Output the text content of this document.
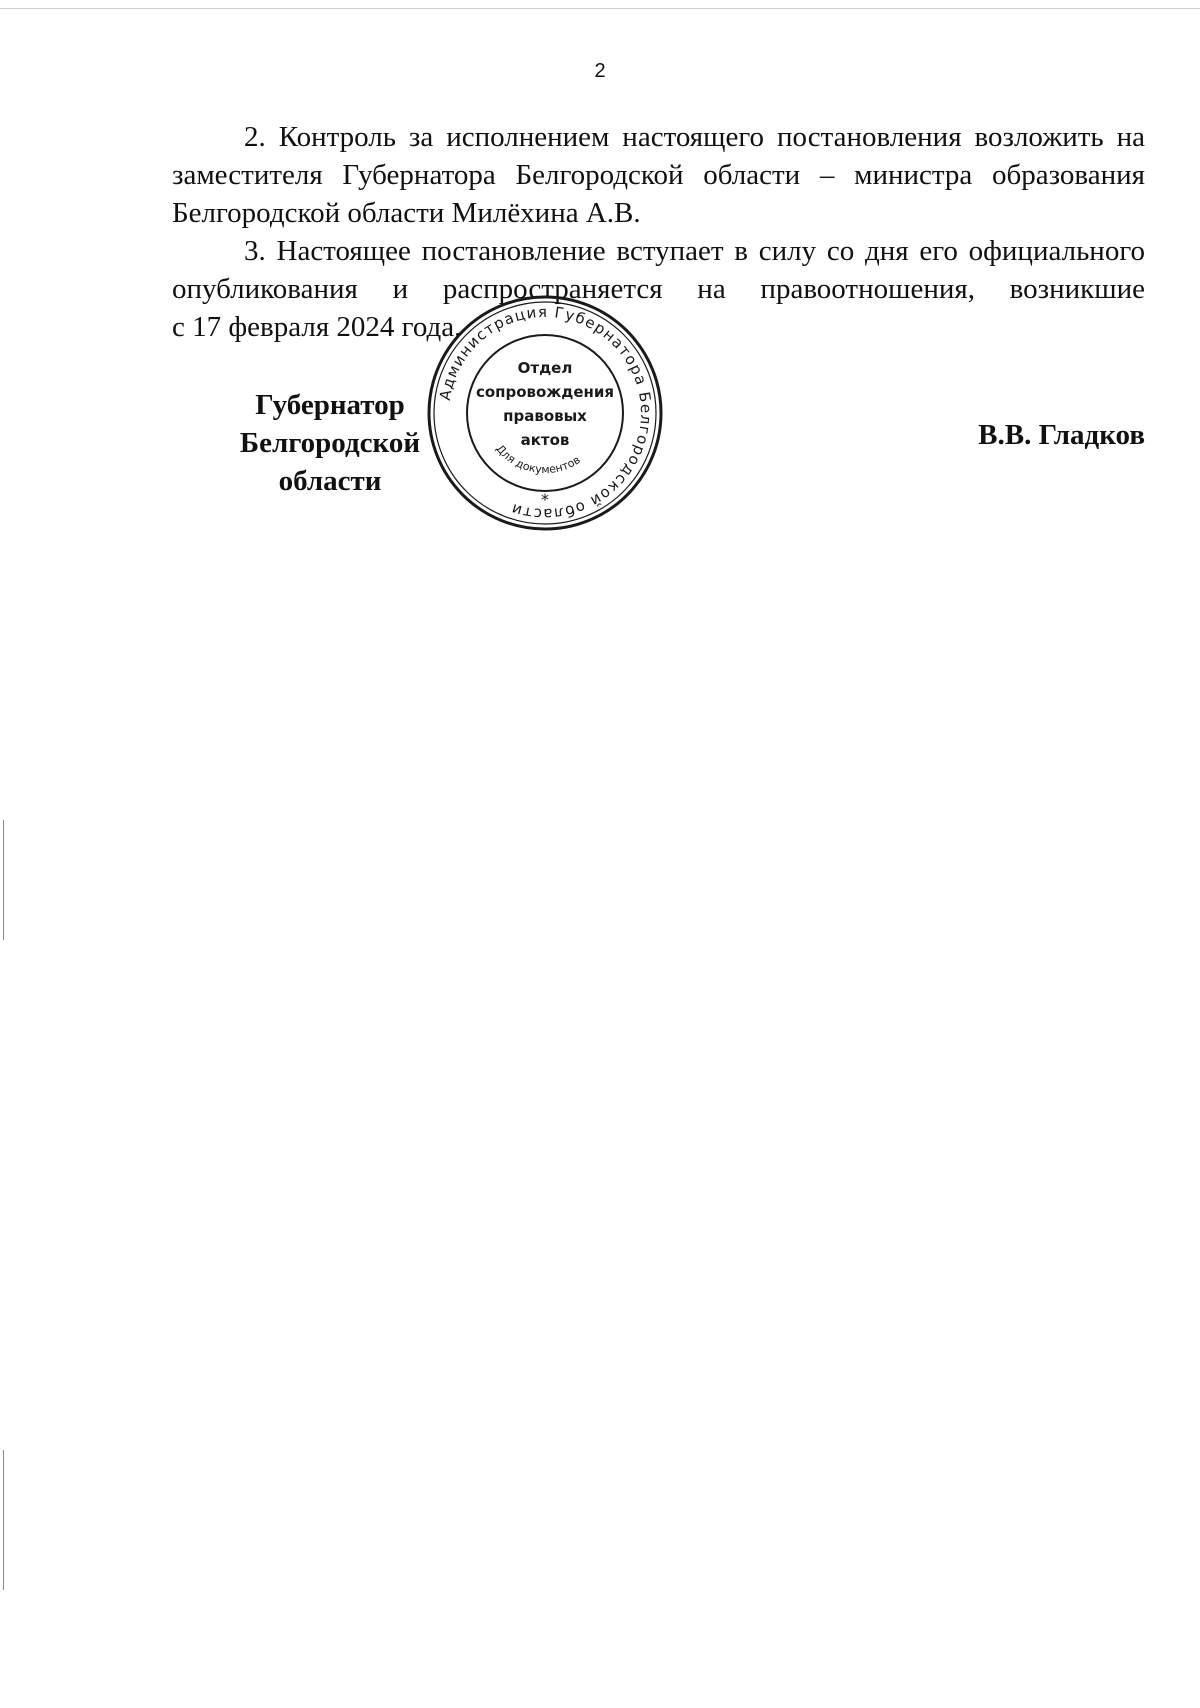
2

2. Контроль за исполнением настоящего постановления возложить на заместителя Губернатора Белгородской области – министра образования Белгородской области Милёхина А.В.

3. Настоящее постановление вступает в силу со дня его официального опубликования и распространяется на правоотношения, возникшие

с 17 февраля 2024 года.

Губернатор
Белгородской области
В.В. Гладков
Администрация Губернатора Белгородской области
Для документов
Отдел
сопровождения
правовых
актов
*
